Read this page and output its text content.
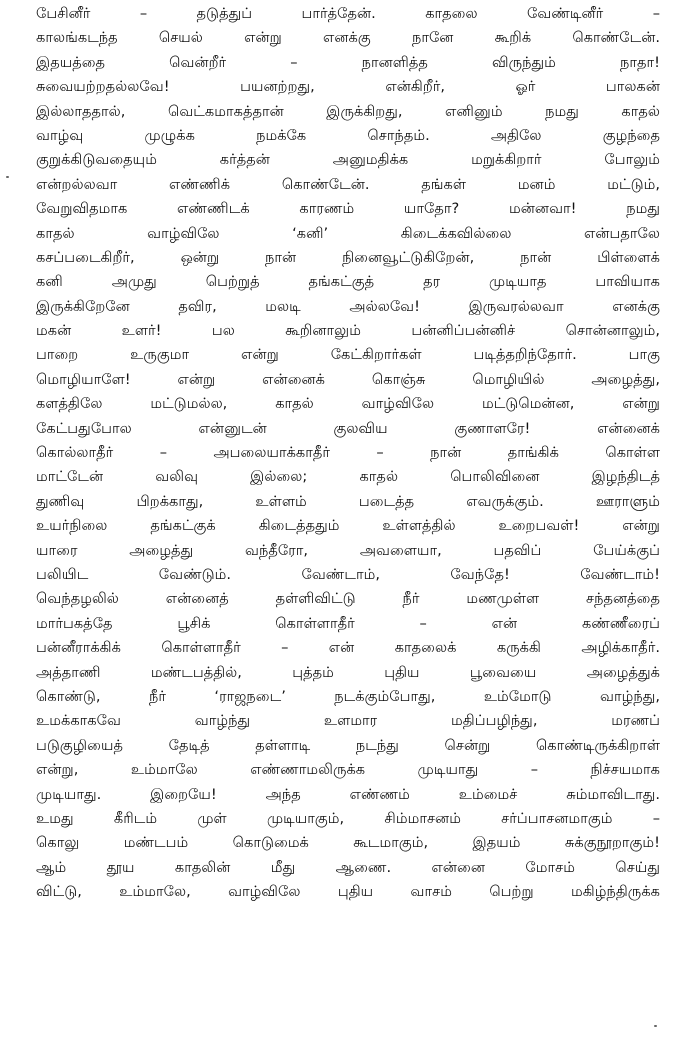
பேசினீர் – தடுத்துப் பார்த்தேன். காதலை வேண்டினீர் –
காலங்கடந்த செயல் என்று எனக்கு நானே கூறிக் கொண்டேன்.
இதயத்தை வென்றீர் – நானளித்த விருந்தும் நாதா!
சுவையற்றதல்லவே! பயனற்றது, என்கிறீர், ஓர் பாலகன்
இல்லாததால், வெட்கமாகத்தான் இருக்கிறது, எனினும் நமது காதல்
வாழ்வு முழுக்க நமக்கே சொந்தம். அதிலே குழந்தை
குறுக்கிடுவதையும் கர்த்தன் அனுமதிக்க மறுக்கிறார் போலும்
என்றல்லவா எண்ணிக் கொண்டேன். தங்கள் மனம் மட்டும்,
வேறுவிதமாக எண்ணிடக் காரணம் யாதோ? மன்னவா! நமது
காதல் வாழ்விலே ‘கனி’ கிடைக்கவில்லை என்பதாலே
கசப்படைகிறீர், ஒன்று நான் நினைவூட்டுகிறேன், நான் பிள்ளைக்
கனி அமுது பெற்றுத் தங்கட்குத் தர முடியாத பாவியாக
இருக்கிறேனே தவிர, மலடி அல்லவே! இருவரல்லவா எனக்கு
மகன் உளர்! பல கூறினாலும் பன்னிப்பன்னிச் சொன்னாலும்,
பாறை உருகுமா என்று கேட்கிறார்கள் படித்தறிந்தோர். பாகு
மொழியாளே! என்று என்னைக் கொஞ்சு மொழியில் அழைத்து,
களத்திலே மட்டுமல்ல, காதல் வாழ்விலே மட்டுமென்ன, என்று
கேட்பதுபோல என்னுடன் குலவிய குணாளரே! என்னைக்
கொல்லாதீர் – அபலையாக்காதீர் – நான் தாங்கிக் கொள்ள
மாட்டேன் வலிவு இல்லை; காதல் பொலிவினை இழந்திடத்
துணிவு பிறக்காது, உள்ளம் படைத்த எவருக்கும். ஊராளும்
உயர்நிலை தங்கட்குக் கிடைத்ததும் உள்ளத்தில் உறைபவள்! என்று
யாரை அழைத்து வந்தீரோ, அவளையா, பதவிப் பேய்க்குப்
பலியிட வேண்டும். வேண்டாம், வேந்தே! வேண்டாம்!
வெந்தழலில் என்னைத் தள்ளிவிட்டு நீர் மணமுள்ள சந்தனத்தை
மார்பகத்தே பூசிக் கொள்ளாதீர் – என் கண்ணீரைப்
பன்னீராக்கிக் கொள்ளாதீர் – என் காதலைக் கருக்கி அழிக்காதீர்.
அத்தாணி மண்டபத்தில், புத்தம் புதிய பூவையை அழைத்துக்
கொண்டு, நீர் ‘ராஜநடை’ நடக்கும்போது, உம்மோடு வாழ்ந்து,
உமக்காகவே வாழ்ந்து உளமார மதிப்பழிந்து, மரணப்
படுகுழியைத் தேடித் தள்ளாடி நடந்து சென்று கொண்டிருக்கிறாள்
என்று, உம்மாலே எண்ணாமலிருக்க முடியாது – நிச்சயமாக
முடியாது. இறையே! அந்த எண்ணம் உம்மைச் சும்மாவிடாது.
உமது கீரிடம் முள் முடியாகும், சிம்மாசனம் சர்ப்பாசனமாகும் –
கொலு மண்டபம் கொடுமைக் கூடமாகும், இதயம் சுக்குநூறாகும்!
ஆம் தூய காதலின் மீது ஆணை. என்னை மோசம் செய்து
விட்டு, உம்மாலே, வாழ்விலே புதிய வாசம் பெற்று மகிழ்ந்திருக்க
